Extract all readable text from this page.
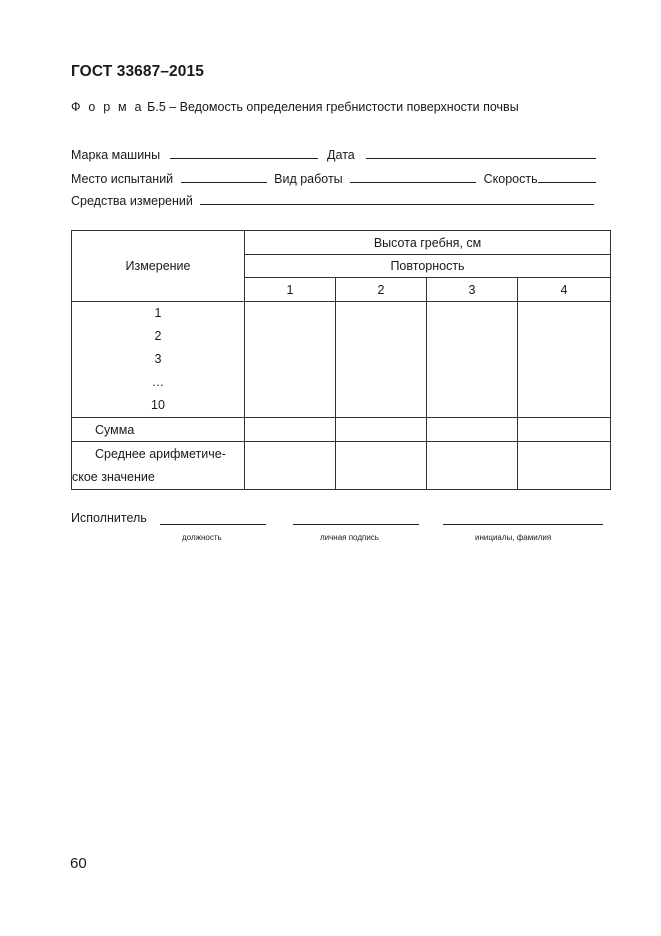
ГОСТ 33687–2015
Ф о р м а Б.5 – Ведомость определения гребнистости поверхности почвы
Марка машины	Дата
Место испытаний	Вид работы	Скорость
Средства измерений
Измерение	Высота гребня, см			
	Повторность			
	1	2	3	4

1
2
3
…
10				

Сумма				

Среднее арифметиче-
ское значение				

Исполнитель
должность	личная подпись	инициалы, фамилия
60
